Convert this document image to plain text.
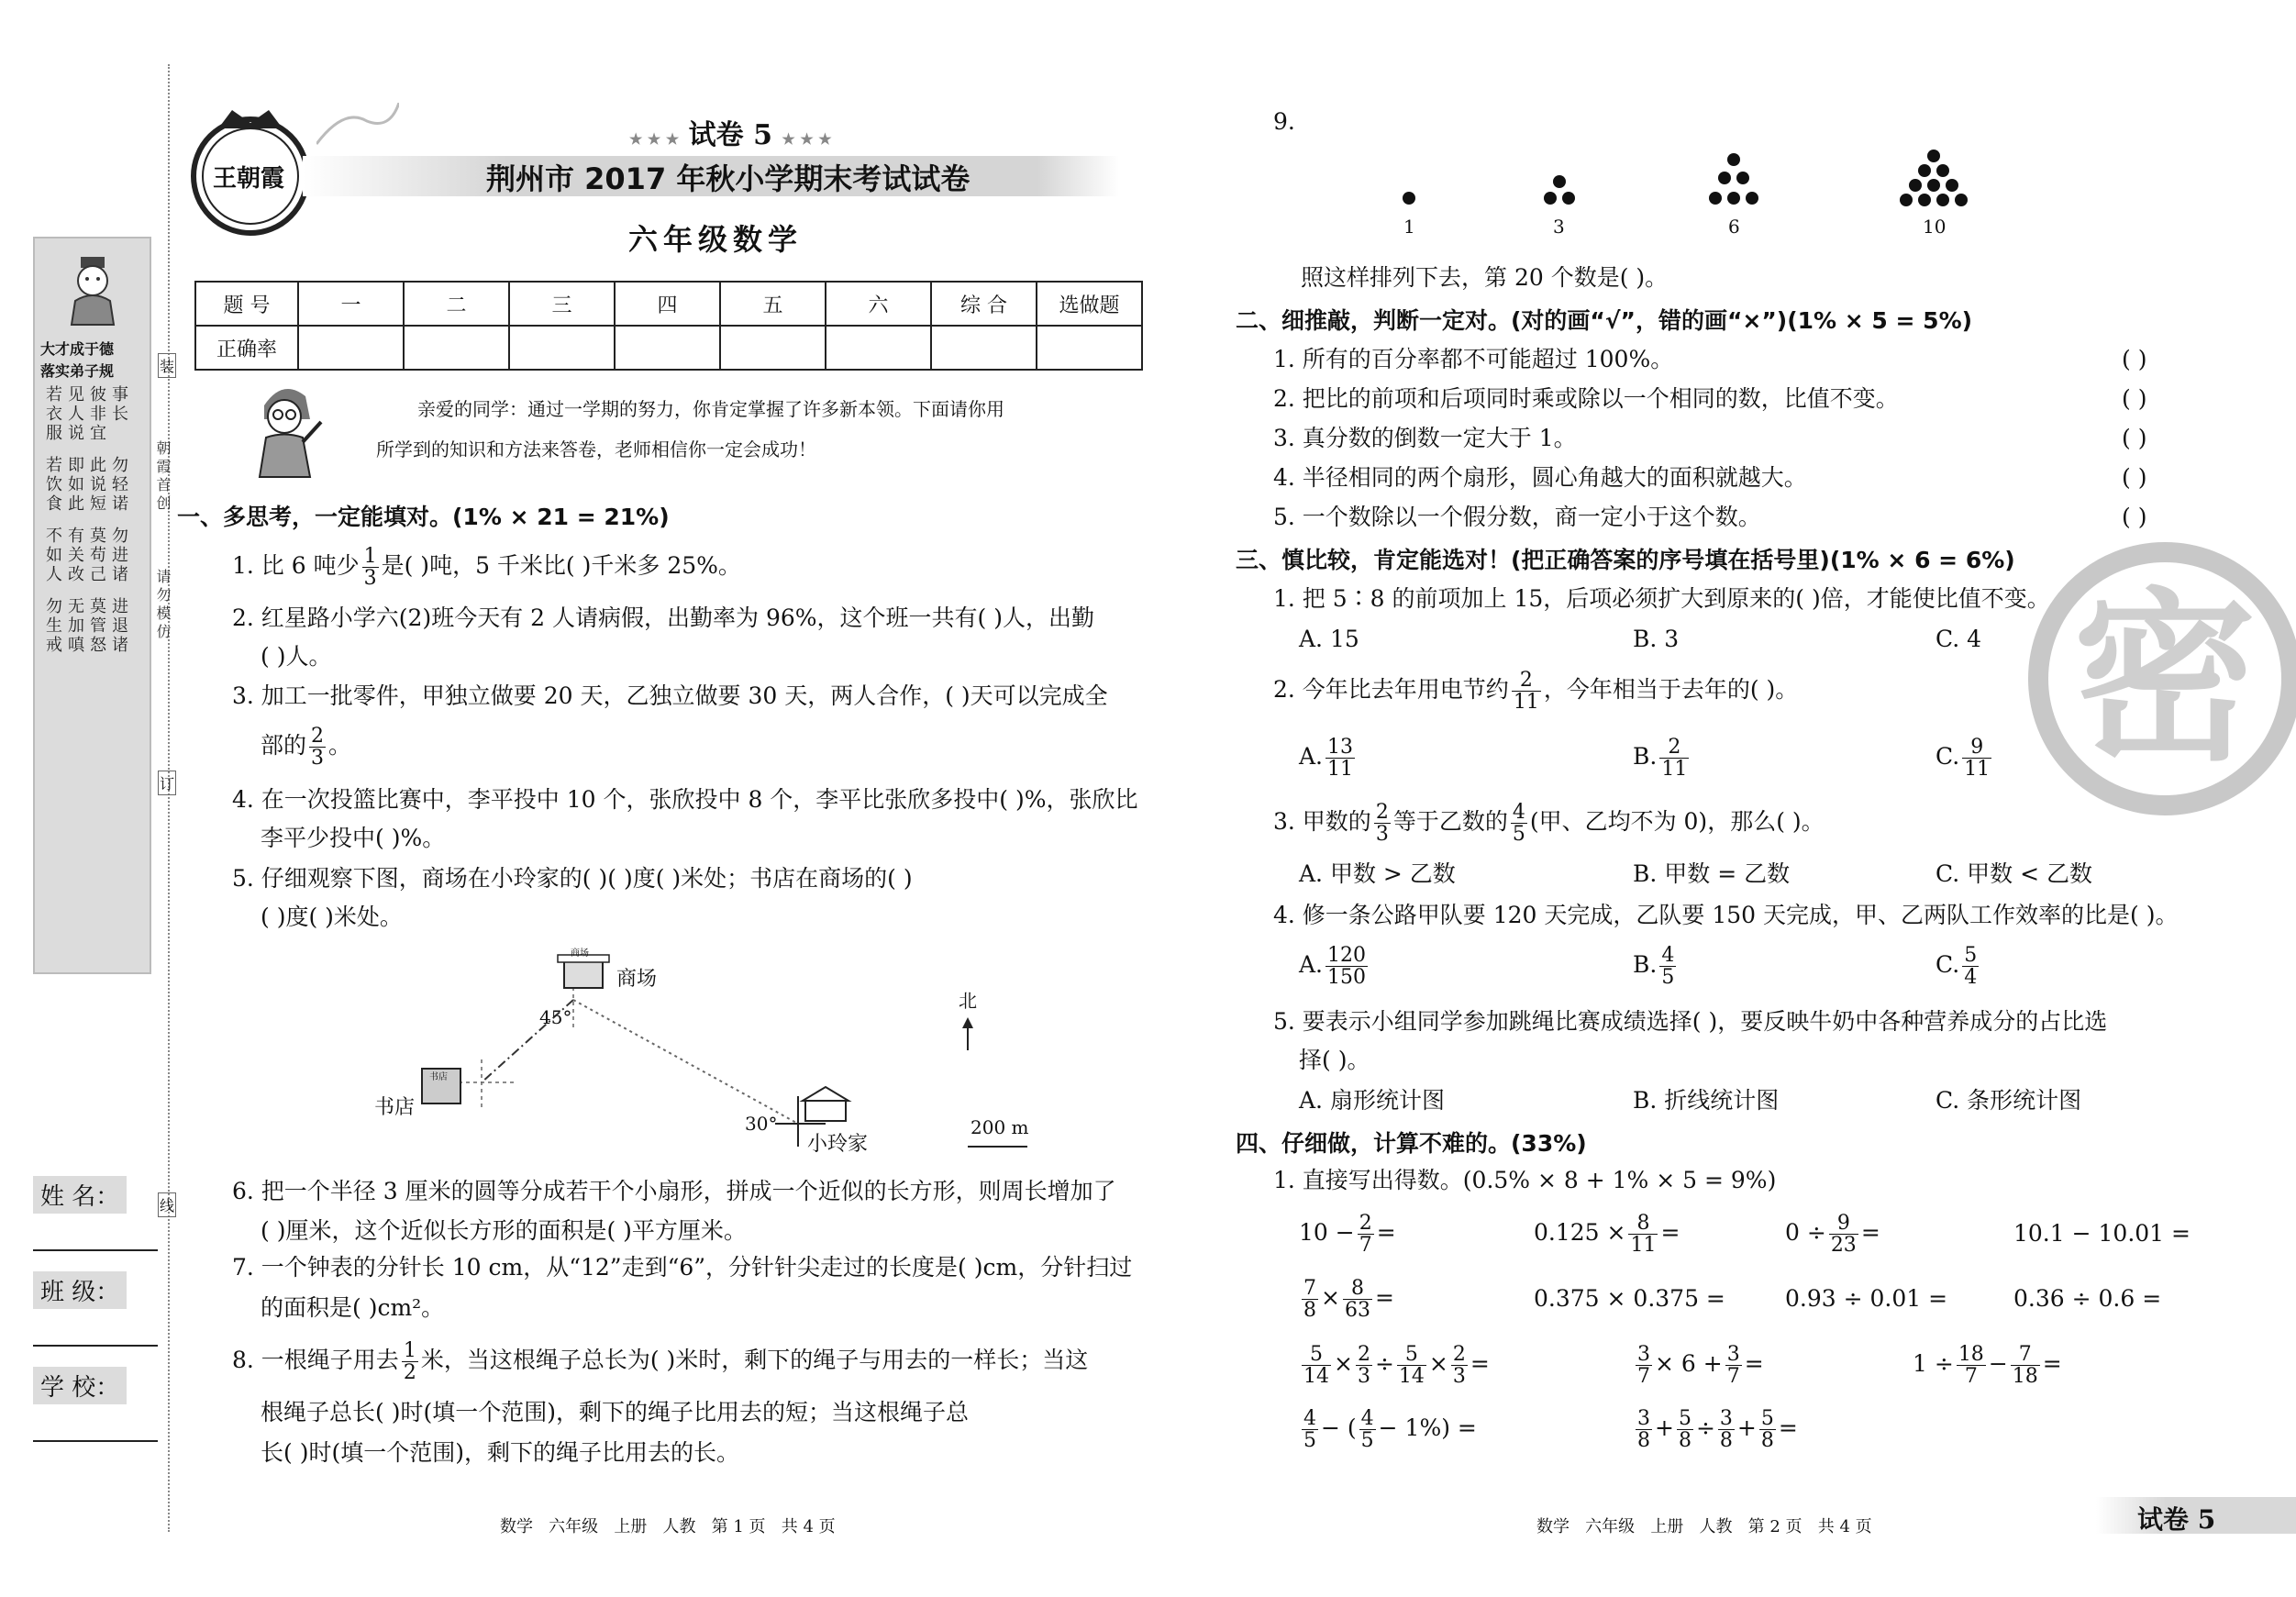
大才成于德
落实弟子规
若衣服 见人说 彼非宜 事长
若饮食 即如此 此说短 勿轻诺
不如人 有关改 莫苟己 勿进诸
勿生戒 无加嗔 莫管怒 进退诸
朝霞首创
请勿模仿
装
订
线
姓 名：
班 级：
学 校：
王朝霞
★ ★ ★ 试卷 5 ★ ★ ★
荆州市 2017 年秋小学期末考试试卷
六年级数学
题 号	一	二	三	四	五	六	综 合	选做题
正确率								
亲爱的同学：通过一学期的努力，你肯定掌握了许多新本领。下面请你用
所学到的知识和方法来答卷，老师相信你一定会成功！
一、多思考，一定能填对。(1% × 21 = 21%)
1. 比 6 吨少 $\frac{1}{3}$ 是( )吨，5 千米比( )千米多 25%。
2. 红星路小学六(2)班今天有 2 人请病假，出勤率为 96%，这个班一共有( )人，出勤
( )人。
3. 加工一批零件，甲独立做要 20 天，乙独立做要 30 天，两人合作，( )天可以完成全
部的 $\frac{2}{3}$ 。
4. 在一次投篮比赛中，李平投中 10 个，张欣投中 8 个，李平比张欣多投中( )%，张欣比
李平少投中( )%。
5. 仔细观察下图，商场在小玲家的( )( )度( )米处；书店在商场的( )
( )度( )米处。
商场
商场
45°
书店
书店
30°
小玲家
北
200 m
6. 把一个半径 3 厘米的圆等分成若干个小扇形，拼成一个近似的长方形，则周长增加了
( )厘米，这个近似长方形的面积是( )平方厘米。
7. 一个钟表的分针长 10 cm，从“12”走到“6”，分针针尖走过的长度是( )cm，分针扫过
的面积是( )cm²。
8. 一根绳子用去 $\frac{1}{2}$ 米，当这根绳子总长为( )米时，剩下的绳子与用去的一样长；当这
根绳子总长( )时(填一个范围)，剩下的绳子比用去的短；当这根绳子总
长( )时(填一个范围)，剩下的绳子比用去的长。
数学   六年级   上册   人教   第 1 页   共 4 页
9.
1	3	6	10
照这样排列下去，第 20 个数是( )。
二、细推敲，判断一定对。(对的画“√”，错的画“×”)(1% × 5 = 5%)
1. 所有的百分率都不可能超过 100%。
2. 把比的前项和后项同时乘或除以一个相同的数，比值不变。
3. 真分数的倒数一定大于 1。
4. 半径相同的两个扇形，圆心角越大的面积就越大。
5. 一个数除以一个假分数，商一定小于这个数。
( )
( )
( )
( )
( )
密
三、慎比较，肯定能选对！(把正确答案的序号填在括号里)(1% × 6 = 6%)
1. 把 5∶8 的前项加上 15，后项必须扩大到原来的( )倍，才能使比值不变。
A. 15	B. 3	C. 4
2. 今年比去年用电节约 $\frac{2}{11}$ ，今年相当于去年的( )。
A. $\frac{13}{11}$	B. $\frac{2}{11}$	C. $\frac{9}{11}$
3. 甲数的 $\frac{2}{3}$ 等于乙数的 $\frac{4}{5}$ (甲、乙均不为 0)，那么( )。
A. 甲数 > 乙数	B. 甲数 = 乙数	C. 甲数 < 乙数
4. 修一条公路甲队要 120 天完成，乙队要 150 天完成，甲、乙两队工作效率的比是( )。
A. $\frac{120}{150}$	B. $\frac{4}{5}$	C. $\frac{5}{4}$
5. 要表示小组同学参加跳绳比赛成绩选择( )，要反映牛奶中各种营养成分的占比选
择( )。
A. 扇形统计图	B. 折线统计图	C. 条形统计图
四、仔细做，计算不难的。(33%)
1. 直接写出得数。(0.5% × 8 + 1% × 5 = 9%)
$10 - \frac{2}{7}$ =	$0.125 \times \frac{8}{11}$ =	$0 \div \frac{9}{23}$ =	10.1 − 10.01 =
$\frac{7}{8} \times \frac{8}{63}$ =	0.375 × 0.375 =	0.93 ÷ 0.01 =	0.36 ÷ 0.6 =
$\frac{5}{14} \times \frac{2}{3} \div \frac{5}{14} \times \frac{2}{3}$ =	$\frac{3}{7} \times 6 + \frac{3}{7}$ =	$1 \div \frac{18}{7} - \frac{7}{18}$ =
$\frac{4}{5}$ − ( $\frac{4}{5} - 1\%$) =	$\frac{3}{8} + \frac{5}{8} \div \frac{3}{8} + \frac{5}{8}$ =
数学   六年级   上册   人教   第 2 页   共 4 页	试卷 5
